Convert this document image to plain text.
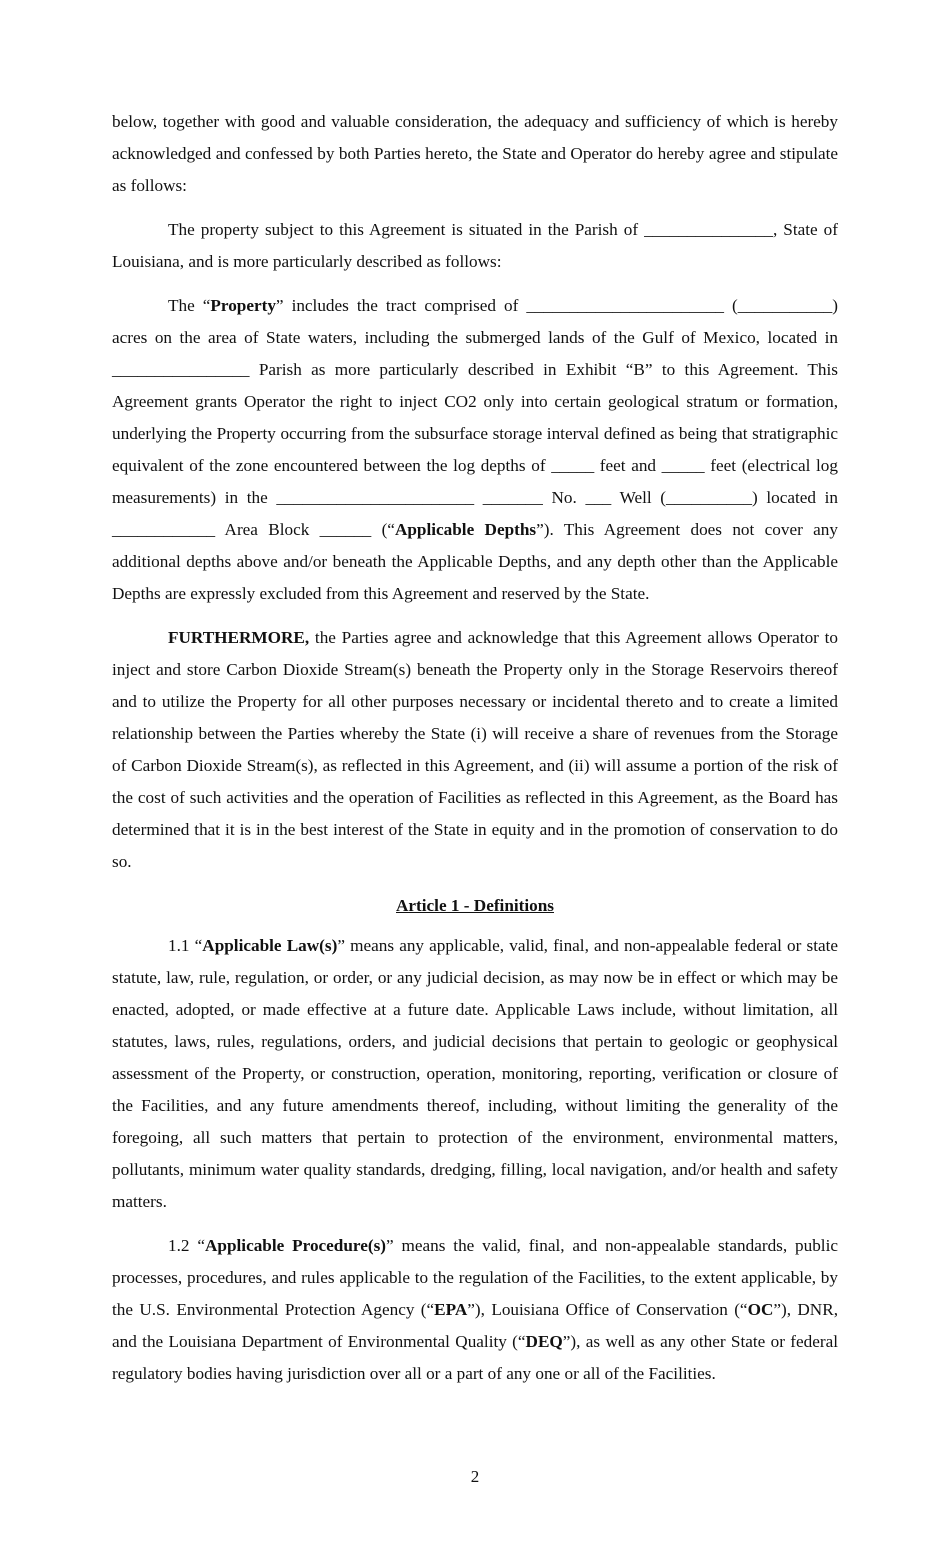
below, together with good and valuable consideration, the adequacy and sufficiency of which is hereby acknowledged and confessed by both Parties hereto, the State and Operator do hereby agree and stipulate as follows:

The property subject to this Agreement is situated in the Parish of _______________, State of Louisiana, and is more particularly described as follows:

The “Property” includes the tract comprised of _______________________ (___________) acres on the area of State waters, including the submerged lands of the Gulf of Mexico, located in ________________ Parish as more particularly described in Exhibit “B” to this Agreement. This Agreement grants Operator the right to inject CO2 only into certain geological stratum or formation, underlying the Property occurring from the subsurface storage interval defined as being that stratigraphic equivalent of the zone encountered between the log depths of _____ feet and _____ feet (electrical log measurements) in the _______________________ _______ No. ___ Well (__________) located in ____________ Area Block ______ (“Applicable Depths”). This Agreement does not cover any additional depths above and/or beneath the Applicable Depths, and any depth other than the Applicable Depths are expressly excluded from this Agreement and reserved by the State.

FURTHERMORE, the Parties agree and acknowledge that this Agreement allows Operator to inject and store Carbon Dioxide Stream(s) beneath the Property only in the Storage Reservoirs thereof and to utilize the Property for all other purposes necessary or incidental thereto and to create a limited relationship between the Parties whereby the State (i) will receive a share of revenues from the Storage of Carbon Dioxide Stream(s), as reflected in this Agreement, and (ii) will assume a portion of the risk of the cost of such activities and the operation of Facilities as reflected in this Agreement, as the Board has determined that it is in the best interest of the State in equity and in the promotion of conservation to do so.

Article 1 - Definitions

1.1 “Applicable Law(s)” means any applicable, valid, final, and non-appealable federal or state statute, law, rule, regulation, or order, or any judicial decision, as may now be in effect or which may be enacted, adopted, or made effective at a future date. Applicable Laws include, without limitation, all statutes, laws, rules, regulations, orders, and judicial decisions that pertain to geologic or geophysical assessment of the Property, or construction, operation, monitoring, reporting, verification or closure of the Facilities, and any future amendments thereof, including, without limiting the generality of the foregoing, all such matters that pertain to protection of the environment, environmental matters, pollutants, minimum water quality standards, dredging, filling, local navigation, and/or health and safety matters.

1.2 “Applicable Procedure(s)” means the valid, final, and non-appealable standards, public processes, procedures, and rules applicable to the regulation of the Facilities, to the extent applicable, by the U.S. Environmental Protection Agency (“EPA”), Louisiana Office of Conservation (“OC”), DNR, and the Louisiana Department of Environmental Quality (“DEQ”), as well as any other State or federal regulatory bodies having jurisdiction over all or a part of any one or all of the Facilities.

2
